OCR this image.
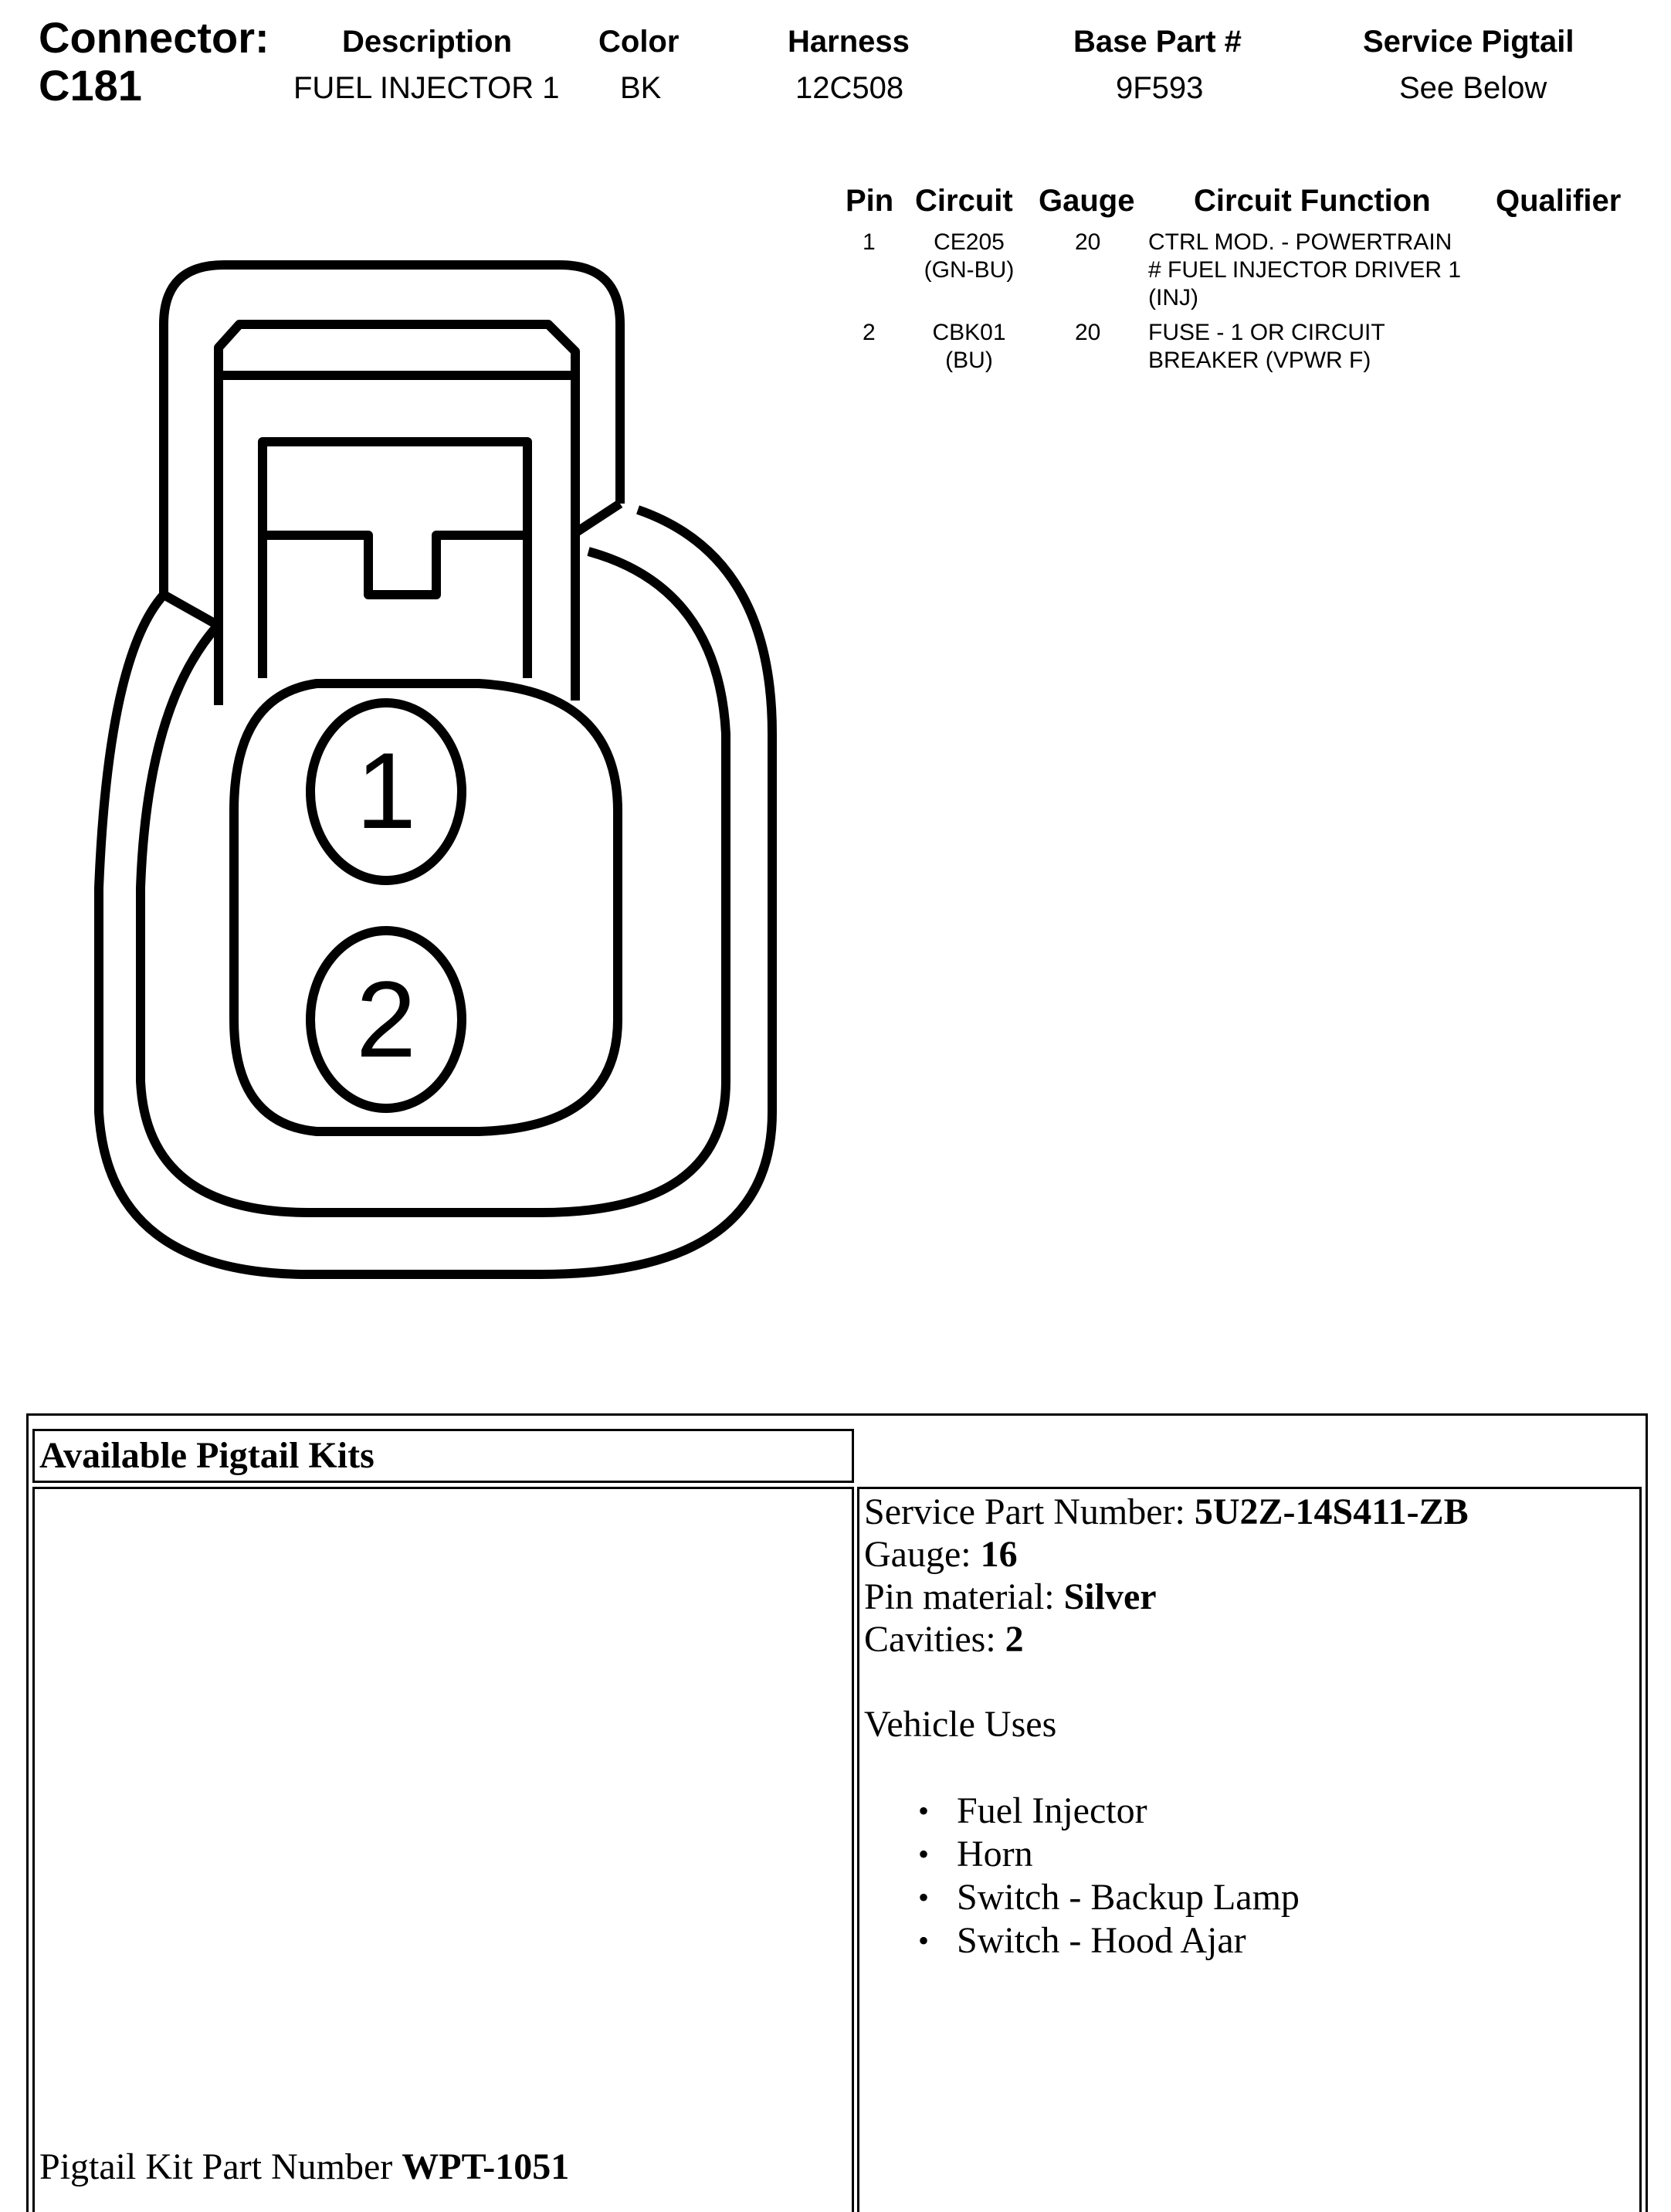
Connector:
C181
Description
FUEL INJECTOR 1
Color
BK
Harness
12C508
Base Part #
9F593
Service Pigtail
See Below
Pin Circuit Gauge Circuit Function Qualifier
1	CE205
(GN-BU)
20 CTRL MOD. - POWERTRAIN
# FUEL INJECTOR DRIVER 1
(INJ)
2	CBK01
(BU)
20 FUSE - 1 OR CIRCUIT
BREAKER (VPWR F)
1
2
Available Pigtail Kits
Pigtail Kit Part Number WPT-1051
Service Part Number: 5U2Z-14S411-ZB
Gauge: 16
Pin material: Silver
Cavities: 2
Vehicle Uses
• Fuel Injector
• Horn
• Switch - Backup Lamp
• Switch - Hood Ajar
